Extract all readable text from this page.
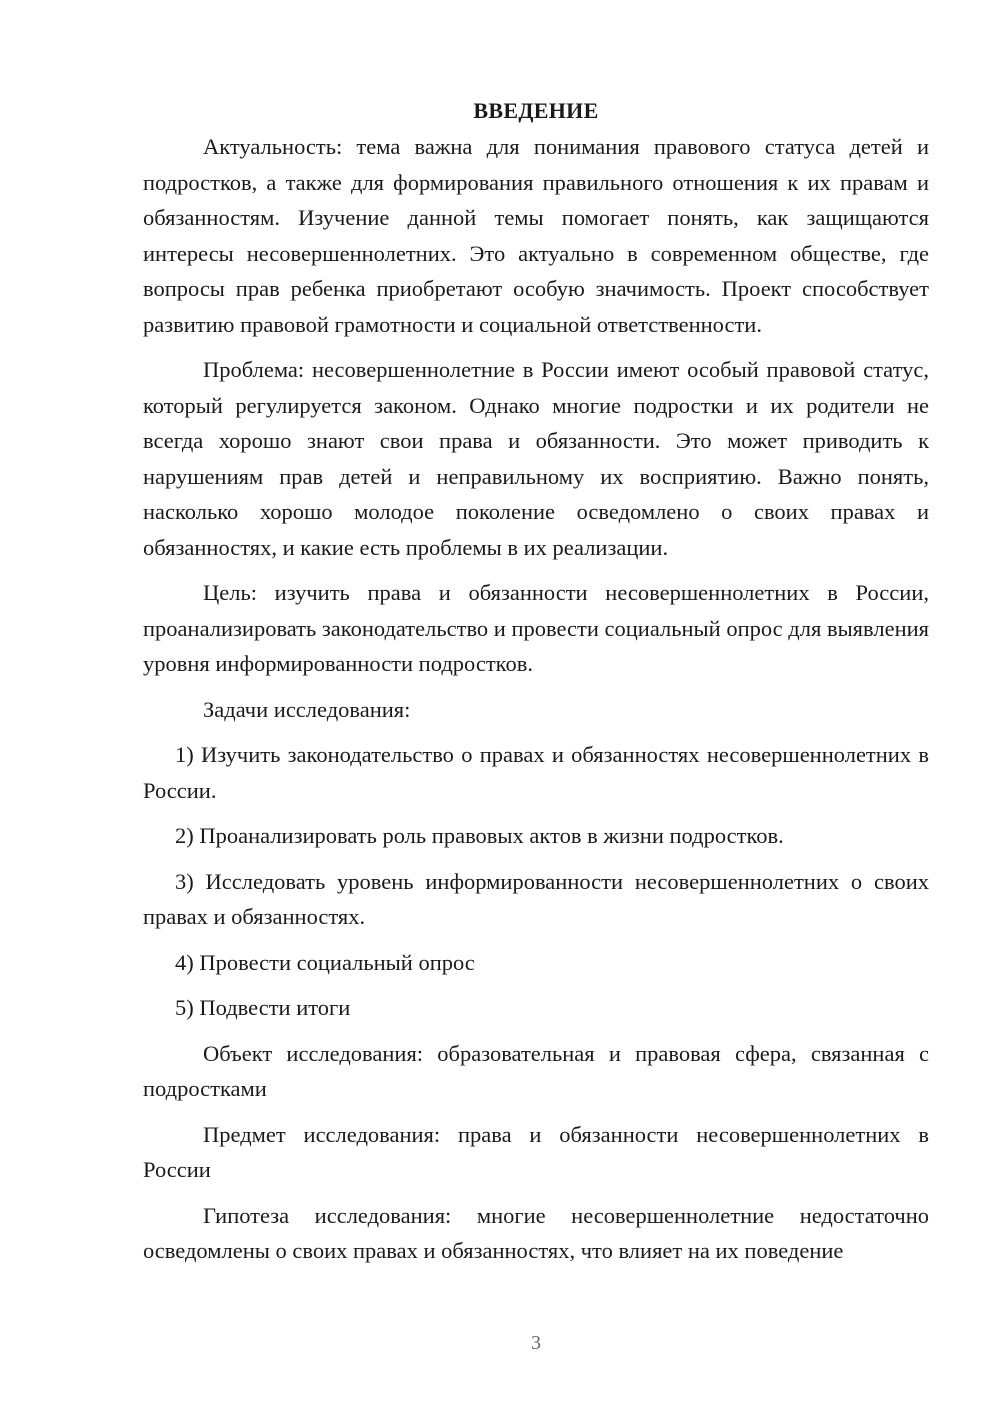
ВВЕДЕНИЕ

Актуальность: тема важна для понимания правового статуса детей и подростков, а также для формирования правильного отношения к их правам и обязанностям. Изучение данной темы помогает понять, как защищаются интересы несовершеннолетних. Это актуально в современном обществе, где вопросы прав ребенка приобретают особую значимость. Проект способствует развитию правовой грамотности и социальной ответственности.

Проблема: несовершеннолетние в России имеют особый правовой статус, который регулируется законом. Однако многие подростки и их родители не всегда хорошо знают свои права и обязанности. Это может приводить к нарушениям прав детей и неправильному их восприятию. Важно понять, насколько хорошо молодое поколение осведомлено о своих правах и обязанностях, и какие есть проблемы в их реализации.

Цель: изучить права и обязанности несовершеннолетних в России, проанализировать законодательство и провести социальный опрос для выявления уровня информированности подростков.

Задачи исследования:

1) Изучить законодательство о правах и обязанностях несовершеннолетних в России.

2) Проанализировать роль правовых актов в жизни подростков.

3) Исследовать уровень информированности несовершеннолетних о своих правах и обязанностях.

4) Провести социальный опрос

5) Подвести итоги

Объект исследования: образовательная и правовая сфера, связанная с подростками

Предмет исследования: права и обязанности несовершеннолетних в России

Гипотеза исследования: многие несовершеннолетние недостаточно осведомлены о своих правах и обязанностях, что влияет на их поведение

3
